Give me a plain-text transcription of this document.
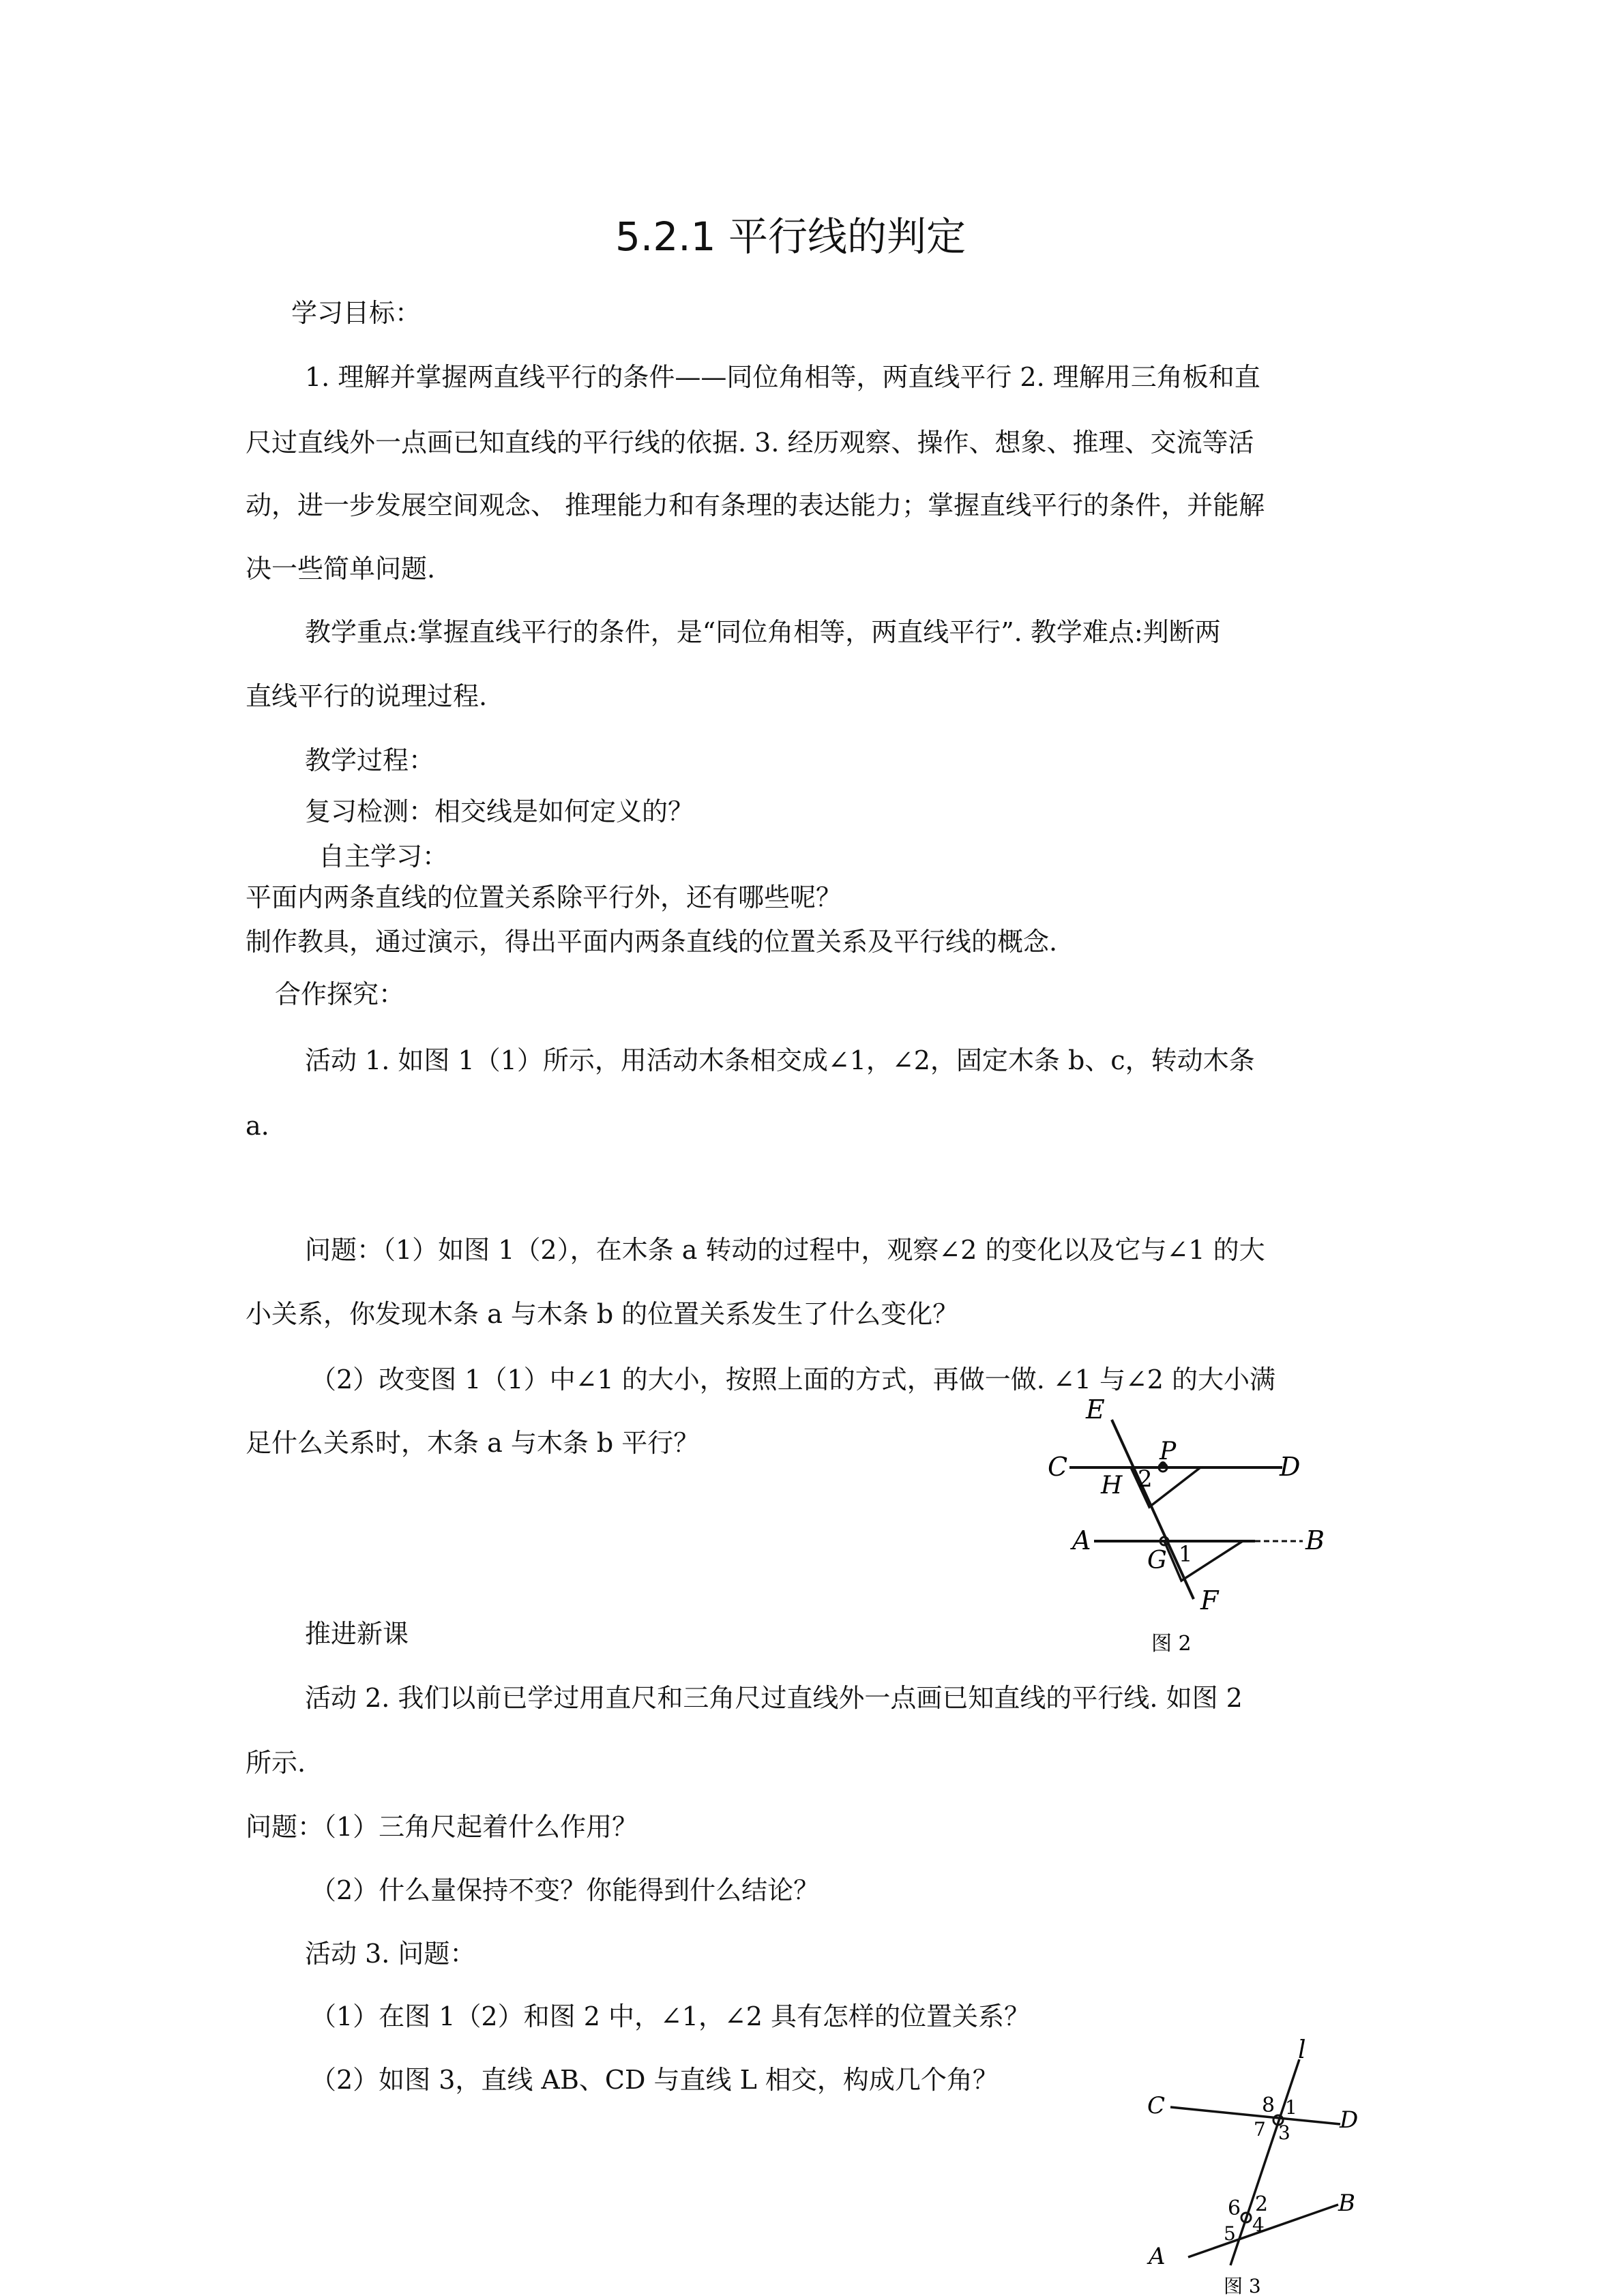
5.2.1 平行线的判定
学习目标：
1. 理解并掌握两直线平行的条件——同位角相等，两直线平行 2. 理解用三角板和直
尺过直线外一点画已知直线的平行线的依据. 3. 经历观察、操作、想象、推理、交流等活
动，进一步发展空间观念、 推理能力和有条理的表达能力；掌握直线平行的条件，并能解
决一些简单问题.
教学重点:掌握直线平行的条件，是“同位角相等，两直线平行”. 教学难点:判断两
直线平行的说理过程.
教学过程：
复习检测：相交线是如何定义的？
自主学习：
平面内两条直线的位置关系除平行外，还有哪些呢？
制作教具，通过演示，得出平面内两条直线的位置关系及平行线的概念.
合作探究：
活动 1. 如图 1（1）所示，用活动木条相交成∠1，∠2，固定木条 b、c，转动木条
a.
问题：（1）如图 1（2），在木条 a 转动的过程中，观察∠2 的变化以及它与∠1 的大
小关系，你发现木条 a 与木条 b 的位置关系发生了什么变化？
（2）改变图 1（1）中∠1 的大小，按照上面的方式，再做一做. ∠1 与∠2 的大小满
足什么关系时，木条 a 与木条 b 平行？
推进新课
活动 2. 我们以前已学过用直尺和三角尺过直线外一点画已知直线的平行线. 如图 2
所示.
问题：（1）三角尺起着什么作用？
（2）什么量保持不变？你能得到什么结论？
活动 3. 问题：
（1）在图 1（2）和图 2 中，∠1，∠2 具有怎样的位置关系？
（2）如图 3，直线 AB、CD 与直线 L 相交，构成几个角？
E
C
P
D
H 2
A
G 1	B
F
图 2
l
C	8 1 D
7 3
B
6 2
5 4
A
图 3
